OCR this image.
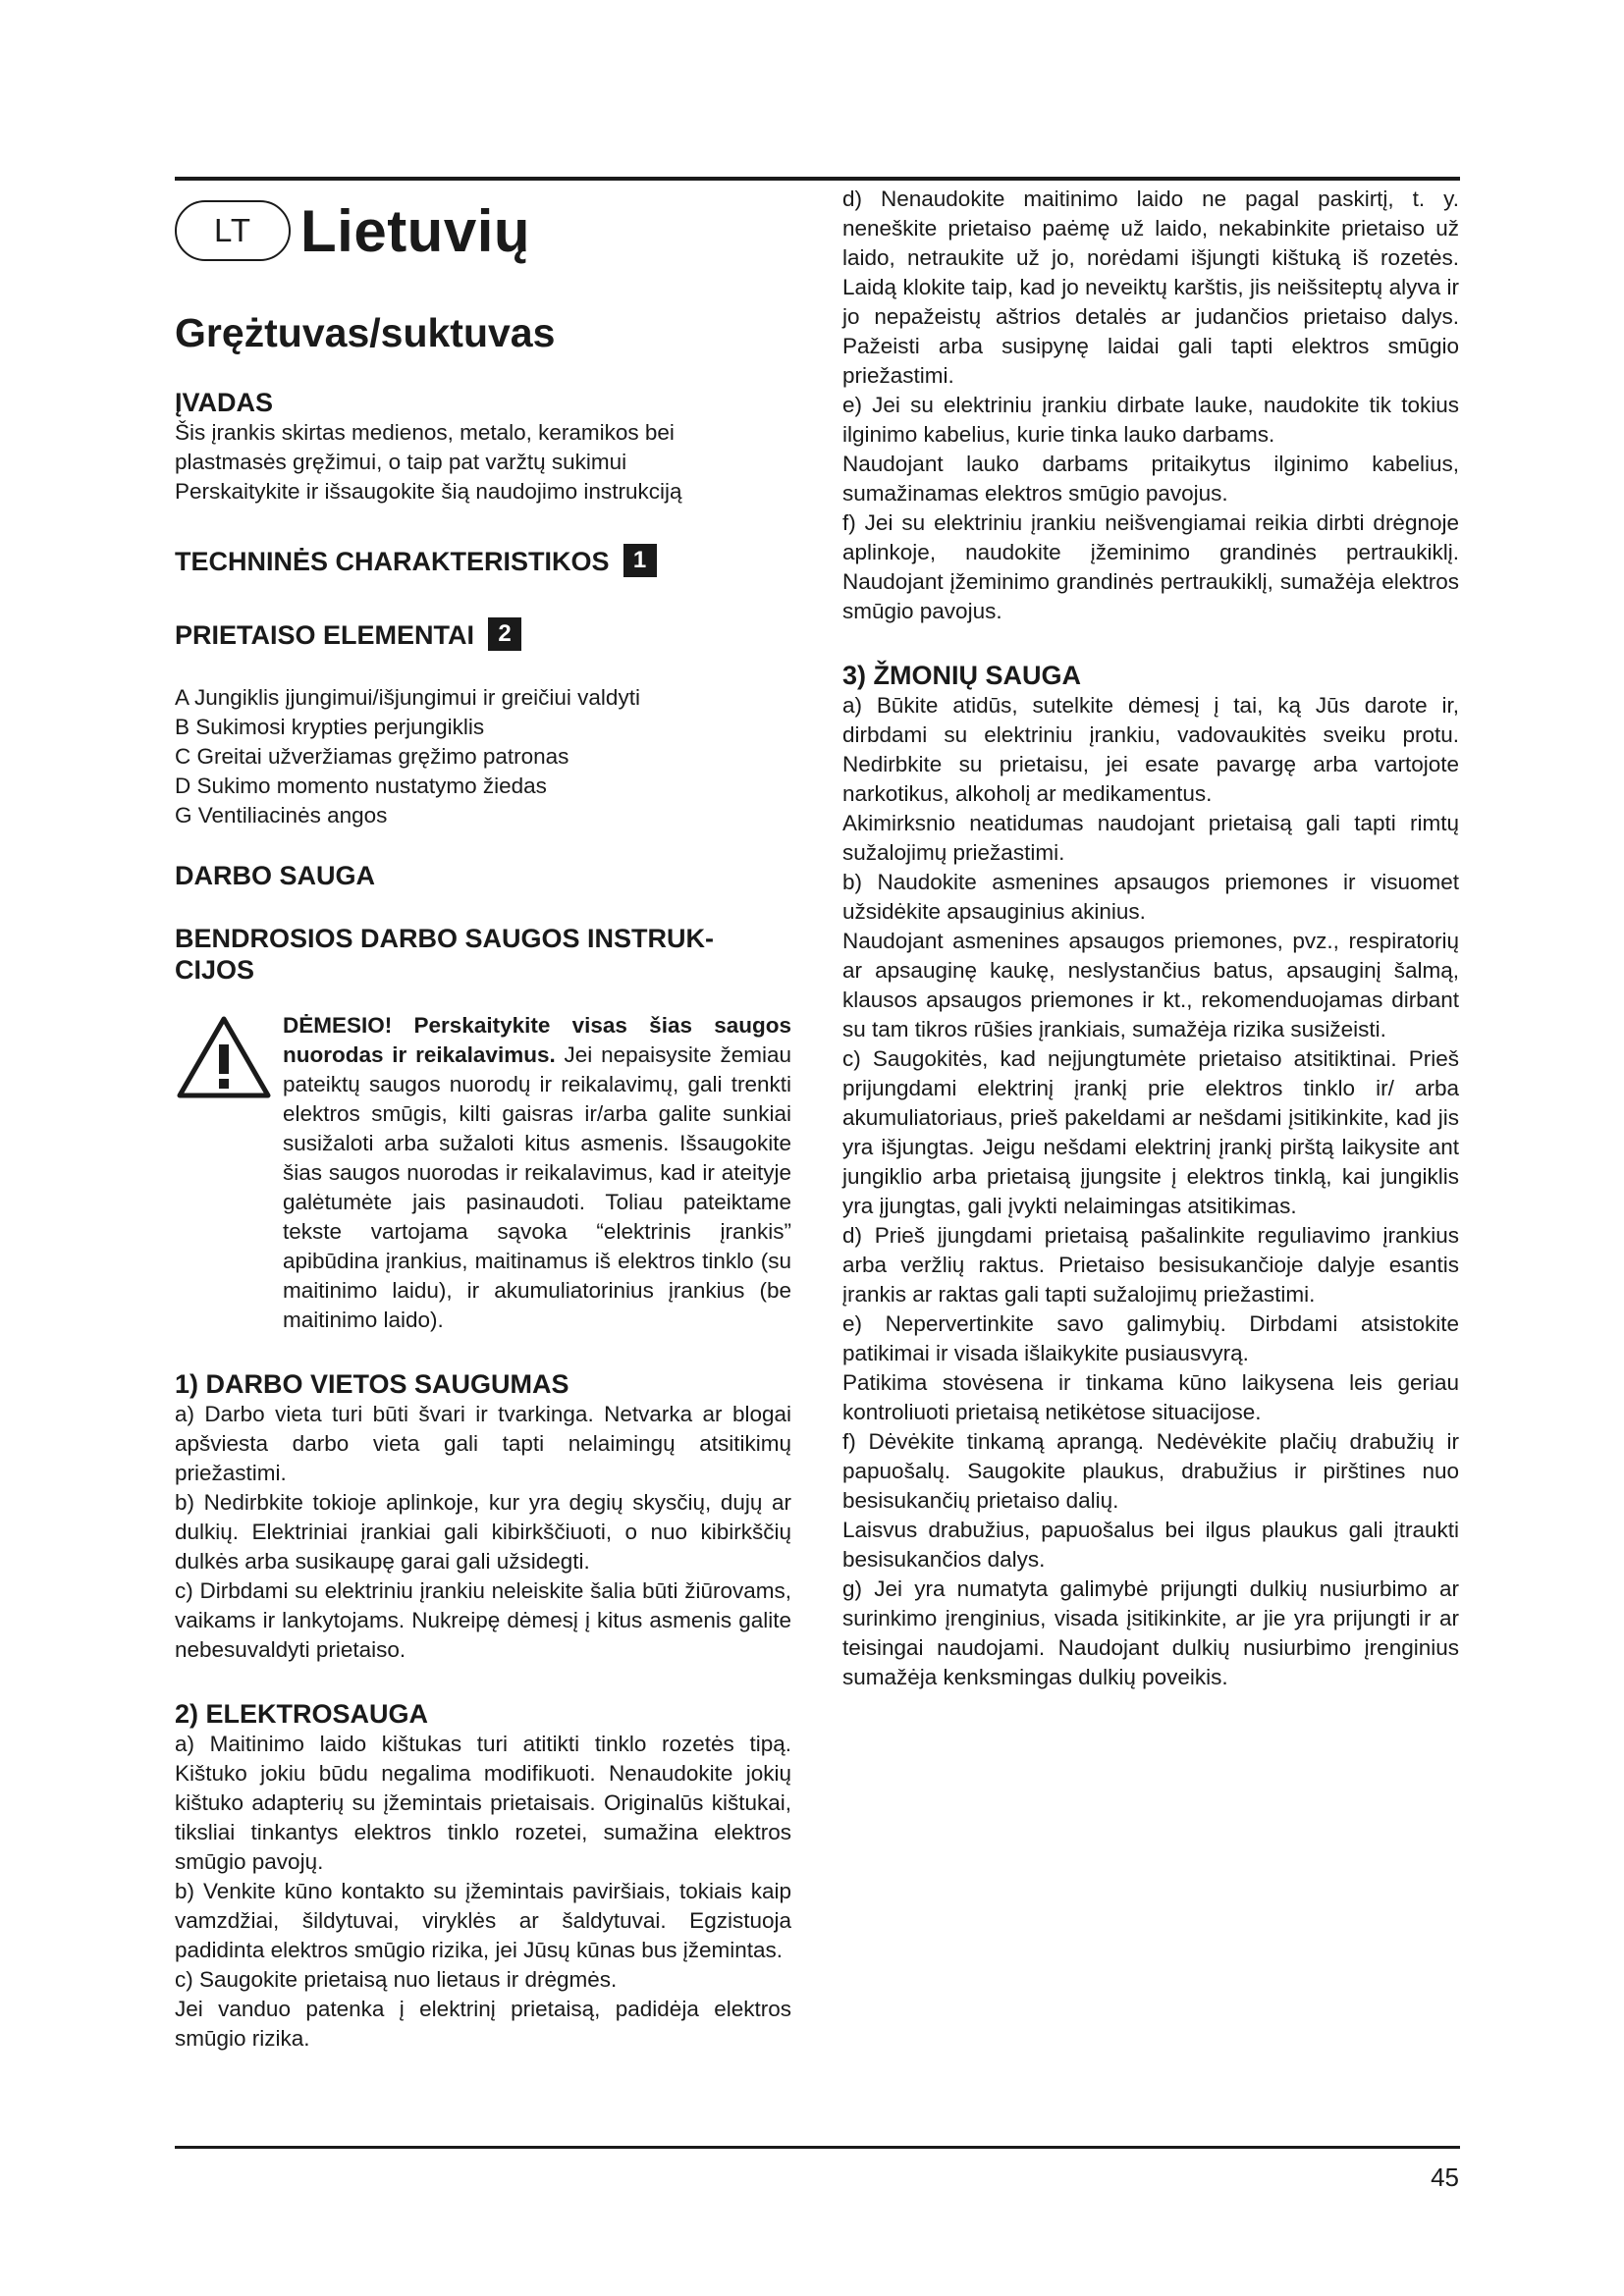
LT Lietuvių
Grężtuvas/suktuvas
ĮVADAS

Šis įrankis skirtas medienos, metalo, keramikos bei

plastmasės gręžimui, o taip pat varžtų sukimui

Perskaitykite ir išsaugokite šią naudojimo instrukciją

TECHNINĖS CHARAKTERISTIKOS 1
PRIETAISO ELEMENTAI 2

A Jungiklis įjungimui/išjungimui ir greičiui valdyti

B Sukimosi krypties perjungiklis

C Greitai užveržiamas gręžimo patronas

D Sukimo momento nustatymo žiedas

G Ventiliacinės angos

DARBO SAUGA
BENDROSIOS DARBO SAUGOS INSTRUK- CIJOS

DĖMESIO! Perskaitykite visas šias saugos nuorodas ir reikalavimus. Jei nepaisysite žemiau pateiktų saugos nuorodų ir reikalavimų, gali trenkti elektros smūgis, kilti gaisras ir/arba galite sunkiai susižaloti arba sužaloti kitus asmenis. Išsaugokite šias saugos nuorodas ir reikalavimus, kad ir ateityje galėtumėte jais pasinaudoti. Toliau pateiktame tekste vartojama sąvoka “elektrinis įrankis” apibūdina įrankius, maitinamus iš elektros tinklo (su maitinimo laidu), ir akumuliatorinius įrankius (be maitinimo laido).

1) DARBO VIETOS SAUGUMAS

a) Darbo vieta turi būti švari ir tvarkinga. Netvarka ar blogai apšviesta darbo vieta gali tapti nelaimingų atsitikimų priežastimi.

b) Nedirbkite tokioje aplinkoje, kur yra degių skysčių, dujų ar dulkių. Elektriniai įrankiai gali kibirkščiuoti, o nuo kibirkščių dulkės arba susikaupę garai gali užsidegti.

c) Dirbdami su elektriniu įrankiu neleiskite šalia būti žiūrovams, vaikams ir lankytojams. Nukreipę dėmesį į kitus asmenis galite nebesuvaldyti prietaiso.

2) ELEKTROSAUGA

a) Maitinimo laido kištukas turi atitikti tinklo rozetės tipą. Kištuko jokiu būdu negalima modifikuoti. Nenaudokite jokių kištuko adapterių su įžemintais prietaisais. Originalūs kištukai, tiksliai tinkantys elektros tinklo rozetei, sumažina elektros smūgio pavojų.

b) Venkite kūno kontakto su įžemintais paviršiais, tokiais kaip vamzdžiai, šildytuvai, viryklės ar šaldytuvai. Egzistuoja padidinta elektros smūgio rizika, jei Jūsų kūnas bus įžemintas.

c) Saugokite prietaisą nuo lietaus ir drėgmės.

Jei vanduo patenka į elektrinį prietaisą, padidėja elektros smūgio rizika.

d) Nenaudokite maitinimo laido ne pagal paskirtį, t. y. neneškite prietaiso paėmę už laido, nekabinkite prietaiso už laido, netraukite už jo, norėdami išjungti kištuką iš rozetės. Laidą klokite taip, kad jo neveiktų karštis, jis neišsiteptų alyva ir jo nepažeistų aštrios detalės ar judančios prietaiso dalys. Pažeisti arba susipynę laidai gali tapti elektros smūgio priežastimi.

e) Jei su elektriniu įrankiu dirbate lauke, naudokite tik tokius ilginimo kabelius, kurie tinka lauko darbams.

Naudojant lauko darbams pritaikytus ilginimo kabelius, sumažinamas elektros smūgio pavojus.

f) Jei su elektriniu įrankiu neišvengiamai reikia dirbti drėgnoje aplinkoje, naudokite įžeminimo grandinės pertraukiklį. Naudojant įžeminimo grandinės pertraukiklį, sumažėja elektros smūgio pavojus.

3) ŽMONIŲ SAUGA

a) Būkite atidūs, sutelkite dėmesį į tai, ką Jūs darote ir, dirbdami su elektriniu įrankiu, vadovaukitės sveiku protu. Nedirbkite su prietaisu, jei esate pavargę arba vartojote narkotikus, alkoholį ar medikamentus.

Akimirksnio neatidumas naudojant prietaisą gali tapti rimtų sužalojimų priežastimi.

b) Naudokite asmenines apsaugos priemones ir visuomet užsidėkite apsauginius akinius.

Naudojant asmenines apsaugos priemones, pvz., respiratorių ar apsauginę kaukę, neslystančius batus, apsauginį šalmą, klausos apsaugos priemones ir kt., rekomenduojamas dirbant su tam tikros rūšies įrankiais, sumažėja rizika susižeisti.

c) Saugokitės, kad neįjungtumėte prietaiso atsitiktinai. Prieš prijungdami elektrinį įrankį prie elektros tinklo ir/ arba akumuliatoriaus, prieš pakeldami ar nešdami įsitikinkite, kad jis yra išjungtas. Jeigu nešdami elektrinį įrankį pirštą laikysite ant jungiklio arba prietaisą įjungsite į elektros tinklą, kai jungiklis yra įjungtas, gali įvykti nelaimingas atsitikimas.

d) Prieš įjungdami prietaisą pašalinkite reguliavimo įrankius arba veržlių raktus. Prietaiso besisukančioje dalyje esantis įrankis ar raktas gali tapti sužalojimų priežastimi.

e) Nepervertinkite savo galimybių. Dirbdami atsistokite patikimai ir visada išlaikykite pusiausvyrą.

Patikima stovėsena ir tinkama kūno laikysena leis geriau kontroliuoti prietaisą netikėtose situacijose.

f) Dėvėkite tinkamą aprangą. Nedėvėkite plačių drabužių ir papuošalų. Saugokite plaukus, drabužius ir pirštines nuo besisukančių prietaiso dalių.

Laisvus drabužius, papuošalus bei ilgus plaukus gali įtraukti besisukančios dalys.

g) Jei yra numatyta galimybė prijungti dulkių nusiurbimo ar surinkimo įrenginius, visada įsitikinkite, ar jie yra prijungti ir ar teisingai naudojami. Naudojant dulkių nusiurbimo įrenginius sumažėja kenksmingas dulkių poveikis.

45
